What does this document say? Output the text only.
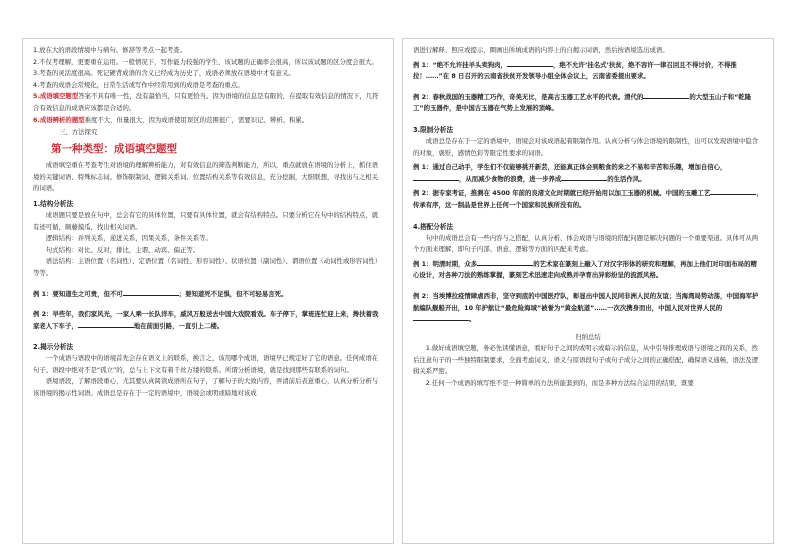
1.放在大的语段情境中与病句、修辞等考点一起考查。

2.不仅考理解，更要重在运用。一般情况下，写作能力较强的学生，该试题的正确率会很高，所以该试题的区分度会很大。

3.考查的灵活度很高。死记硬背成语的含义已经成为历史了，成语必须放在语境中才有意义。

4.考查的成语会常规化，日常生活或写作中经常用到的成语是考查的重点。

5.成语填空题型答案不具有唯一性，没有最恰当，只有更恰当。因为语境的信息是有限的，在提取有效信息的情况下，几符合有效信息的成语应该都是合适的。

6.成语辨析的题型难度不大，但量很大，因为成语使用误区的范围很广，需要识记、辨析、积累。

三、方法探究

第一种类型：成语填空题型

成语填空重在考查考生对语境的理解辨析能力，对有效信息的筛选判断能力，所以，重点就放在语境的分析上，抓住语境的关键词语、特殊标志词、修饰限制词、逻辑关系词、位置结构关系等有效信息，充分挖掘，大胆联想，寻找出与之相关的词语。

1.结构分析法

成语题只要是放在句中，总会有它的具体位置，只要有具体位置，就会有结构特点。只要分析它在句中的结构特点，就有迹可循，顺藤摸瓜，找出相关词语。

逻辑结构：并列关系，递进关系，因果关系，条件关系等。

句式结构：对比、反对，排比，主谓、动宾、偏正等。

语法结构：主语位置（名词性）、定语位置（名词性、形容词性）、状语位置（副词性）、谓语位置（动词性或形容词性）等等。

例 1：要知道生之可贵，但不可	；要知道死不足惧，但不可轻易言死。

例 2：早些年，我们家风光，一家人乘一长队洋车，威风万般送去中国大戏院看戏。车子停下，掌班连忙迎上来，搀扶着我家老人下车子，	地在前面引路，一直引上二楼。

2.揭示分析法

一个成语与语段中的语境首先会存在语义上的联系，换言之，该用哪个成语，语境早已规定好了它的语意。任何成语在句子、语段中绝对不是“孤立”的，总与上下文有着千丝万缕的联系。所谓分析语境，就是找到那些有联系的词句。

语境语段，了解语段重心，尤其要认真阅读成语所在句子，了解句子的大致内容，弄清前后表意重心，认真分析分析与该语境的揭示性词语。成语总是存在于一定的语境中，语境会或明或暗地对该成

语进行解释、照应或提示，圈画出所填成语的内容上的自揭示词语，然后按语境选出成语。

例 1：“绝不允许挂羊头卖狗肉，	，绝不允许‘挂名式’扶贫，绝不容许一律召回且不得讨价，不得推拉！……”在 8 日召开的云南省扶贫开发领导小组全体会议上，云南省委提出要求。

例 2：春秋战国的玉器精工巧作，奇美无比，是高古玉器工艺水平的代表。清代的	的大型玉山子和“乾隆工”的玉器件，是中国古玉器在气势上发展的顶峰。

3.限制分析法

成语总是存在于一定的语境中，语境会对该成语起着限制作用。认真分析与体会语境的限制性，出可以发现语境中隐含的对象，褒贬，感情色彩等限定性要求的词语。

例 1：通过自己动手，学生们不仅能够挑开新芸，还能真正体会到粮食的来之不易和辛苦和乐趣，增加自信心，，从而减少食物的浪费，进一步养成	的生活作风。

例 2：据专家考证，推测在 4500 年前的良渚文化时期就已经开始用以加工玉器的机械。中国的玉雕工艺	，传承有序，这一制品是世界上任何一个国家和民族所没有的。

4.搭配分析法

句中的成语总会有一些内容与之搭配，认真分析、体会成语与语境的搭配问题是解决问题的一个重要渠道。具体可从两个方面来理解，即句子内部、语意、逻辑等方面的匹配来考虑。

例 1：明清时期，众多	的艺术家在篆刻上融入了对汉字形体的研究和理解，再加上他们对印面布局的精心设计，对各种刀法的熟练掌握，篆刻艺术迅速走向成熟并孕育出异彩纷呈的流派风格。

例 2：当埃博拉疫情肆虐西非，坚守到底的中国医疗队，彰显出中国人民同非洲人民的友谊；当海湾局势动荡，中国海军护航编队舰船开出，10 年护航让“最危险海域”被誉为“黄金航道”……一次次携身而出，中国人民对世界人民的。

归纳总结

1.做好成语填空题，务必先读懂语意，看好句子之间的或明示或暗示的信息，从中引导推理成语与语境之间的关系，然后注意句子的一些独特限制要求，全面考虑词义、语义与原语段句子或句子成分之间的正确搭配，确保语义通畅，语法及逻辑关系严密。

2.任何一个成语的填写绝不是一种简单的方法所能套到的，而是多种方法综合运用的结果，既要
